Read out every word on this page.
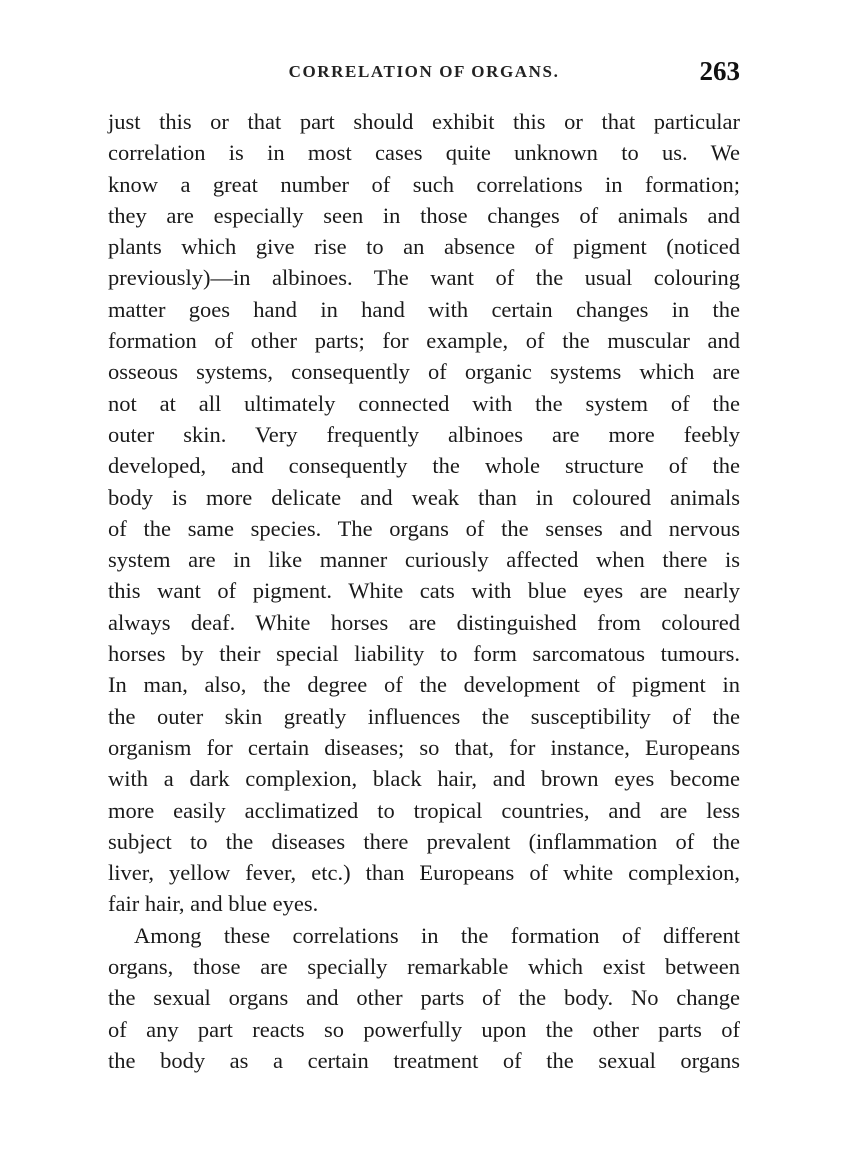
CORRELATION OF ORGANS.	263
just this or that part should exhibit this or that particular
correlation is in most cases quite unknown to us. We
know a great number of such correlations in formation;
they are especially seen in those changes of animals and
plants which give rise to an absence of pigment (noticed
previously)—in albinoes. The want of the usual colouring
matter goes hand in hand with certain changes in the
formation of other parts; for example, of the muscular and
osseous systems, consequently of organic systems which are
not at all ultimately connected with the system of the
outer skin. Very frequently albinoes are more feebly
developed, and consequently the whole structure of the
body is more delicate and weak than in coloured animals
of the same species. The organs of the senses and nervous
system are in like manner curiously affected when there is
this want of pigment. White cats with blue eyes are nearly
always deaf. White horses are distinguished from coloured
horses by their special liability to form sarcomatous tumours.
In man, also, the degree of the development of pigment in
the outer skin greatly influences the susceptibility of the
organism for certain diseases; so that, for instance, Europeans
with a dark complexion, black hair, and brown eyes become
more easily acclimatized to tropical countries, and are less
subject to the diseases there prevalent (inflammation of the
liver, yellow fever, etc.) than Europeans of white complexion,
fair hair, and blue eyes.
Among these correlations in the formation of different
organs, those are specially remarkable which exist between
the sexual organs and other parts of the body. No change
of any part reacts so powerfully upon the other parts of
the body as a certain treatment of the sexual organs
